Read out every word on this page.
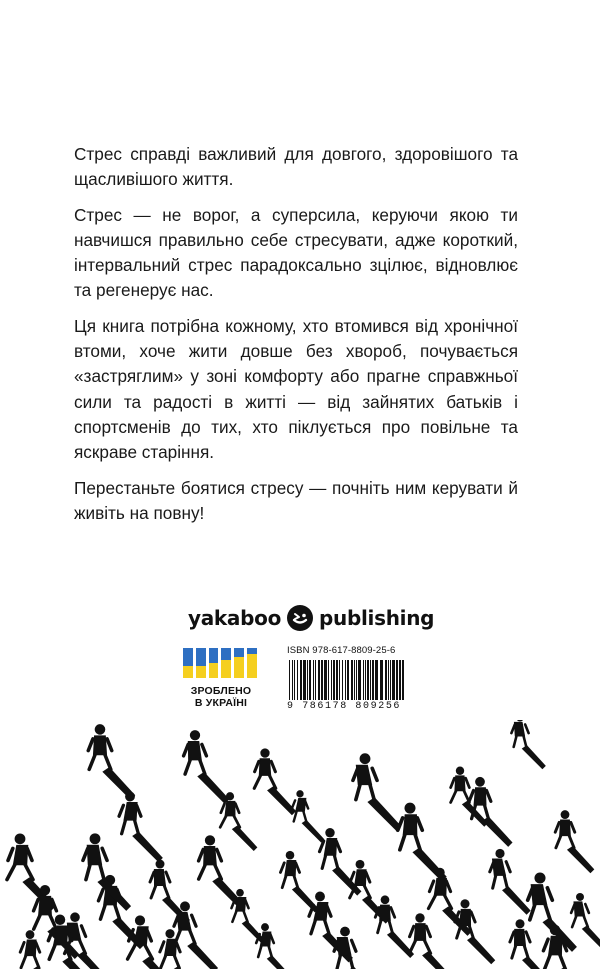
Стрес справді важливий для довгого, здоровішого та щасливішого життя.

Стрес — не ворог, а суперсила, керуючи якою ти навчишся правильно себе стресувати, адже короткий, інтервальний стрес парадоксально зцілює, відновлює та регенерує нас.

Ця книга потрібна кожному, хто втомився від хронічної втоми, хоче жити довше без хвороб, почувається «застряглим» у зоні комфорту або прагне справжньої сили та радості в житті — від зайнятих батьків і спортсменів до тих, хто піклується про повільне та яскраве старіння.

Перестаньте боятися стресу — почніть ним керувати й живіть на повну!

yakaboo publishing
ЗРОБЛЕНО
В УКРАЇНІ
ISBN 978-617-8809-25-6
9 786178 809256
